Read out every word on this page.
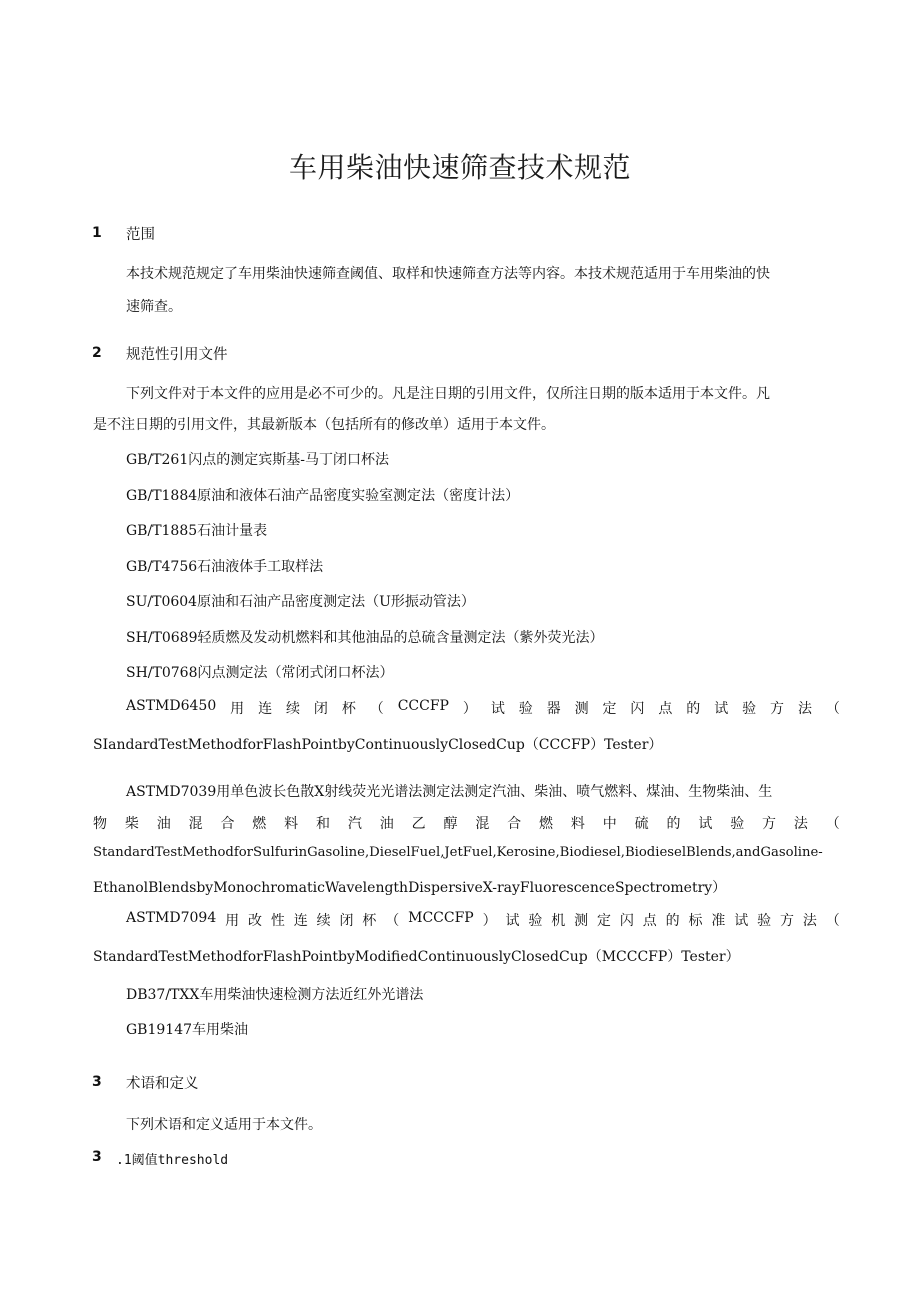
车用柴油快速筛查技术规范
1 范围
本技术规范规定了车用柴油快速筛查阈值、取样和快速筛查方法等内容。本技术规范适用于车用柴油的快
速筛查。
2 规范性引用文件
下列文件对于本文件的应用是必不可少的。凡是注日期的引用文件，仅所注日期的版本适用于本文件。凡
是不注日期的引用文件，其最新版本（包括所有的修改单）适用于本文件。
GB/T261闪点的测定宾斯基-马丁闭口杯法
GB/T1884原油和液体石油产品密度实验室测定法（密度计法）
GB/T1885石油计量表
GB/T4756石油液体手工取样法
SU/T0604原油和石油产品密度测定法（U形振动管法）
SH/T0689轻质燃及发动机燃料和其他油品的总硫含量测定法（紫外荧光法）
SH/T0768闪点测定法（常闭式闭口杯法）
ASTMD6450 用 连 续 闭 杯 （ CCCFP ） 试 验 器 测 定 闪 点 的 试 验 方 法 （
SIandardTestMethodforFlashPointbyContinuouslyClosedCup（CCCFP）Tester）
ASTMD7039用单色波长色散X射线荧光光谱法测定法测定汽油、柴油、喷气燃料、煤油、生物柴油、生
物 柴 油 混 合 燃 料 和 汽 油 乙 醇 混 合 燃 料 中 硫 的 试 验 方 法 （
StandardTestMethodforSulfurinGasoline,DieselFuel,JetFuel,Kerosine,Biodiesel,BiodieselBlends,andGasoline-
EthanolBlendsbyMonochromaticWavelengthDispersiveX-rayFluorescenceSpectrometry）
ASTMD7094 用 改 性 连 续 闭 杯 （ MCCCFP ） 试 验 机 测 定 闪 点 的 标 准 试 验 方 法 （
StandardTestMethodforFlashPointbyModifiedContinuouslyClosedCup（MCCCFP）Tester）
DB37/TXX车用柴油快速检测方法近红外光谱法
GB19147车用柴油
3 术语和定义
下列术语和定义适用于本文件。
3 .1阈值threshold
